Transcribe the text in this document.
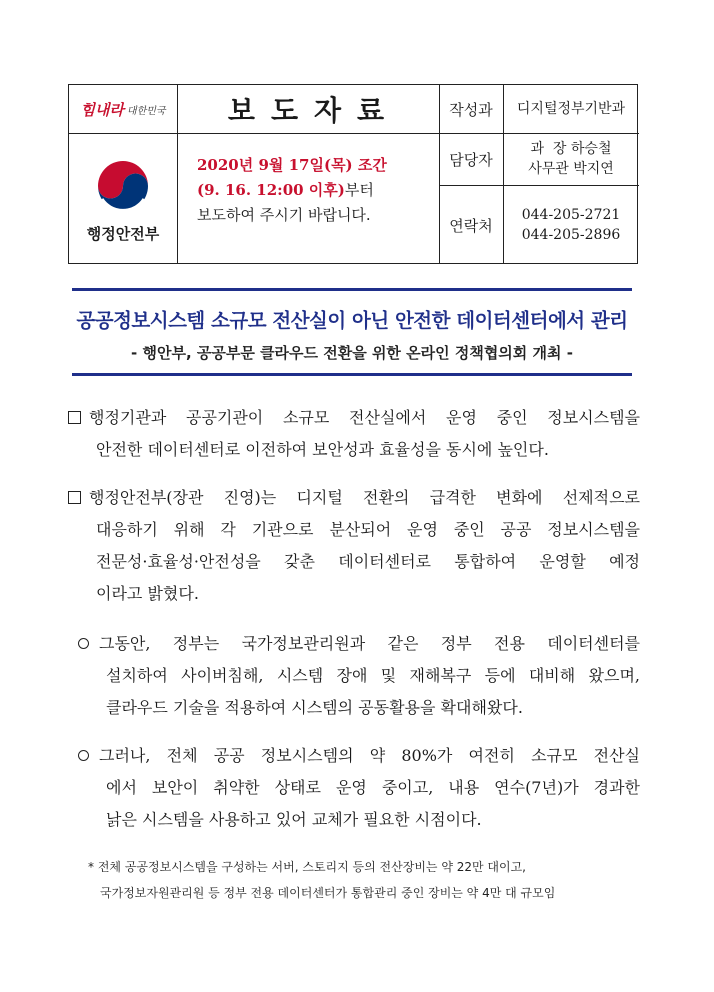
힘내라 대한민국	보도자료
행정안전부
2020년 9월 17일(목) 조간
(9. 16. 12:00 이후)부터
보도하여 주시기 바랍니다.
작성과	디지털정부기반과
담당자
과  장 하승철
사무관 박지연
연락처
044-205-2721
044-205-2896
공공정보시스템 소규모 전산실이 아닌 안전한 데이터센터에서 관리
- 행안부, 공공부문 클라우드 전환을 위한 온라인 정책협의회 개최 -
행정기관과 공공기관이 소규모 전산실에서 운영 중인 정보시스템을
안전한 데이터센터로 이전하여 보안성과 효율성을 동시에 높인다.
행정안전부(장관 진영)는 디지털 전환의 급격한 변화에 선제적으로
대응하기 위해 각 기관으로 분산되어 운영 중인 공공 정보시스템을
전문성·효율성·안전성을 갖춘 데이터센터로 통합하여 운영할 예정
이라고 밝혔다.
그동안, 정부는 국가정보관리원과 같은 정부 전용 데이터센터를
설치하여 사이버침해, 시스템 장애 및 재해복구 등에 대비해 왔으며,
클라우드 기술을 적용하여 시스템의 공동활용을 확대해왔다.
그러나, 전체 공공 정보시스템의 약 80%가 여전히 소규모 전산실
에서 보안이 취약한 상태로 운영 중이고, 내용 연수(7년)가 경과한
낡은 시스템을 사용하고 있어 교체가 필요한 시점이다.
* 전체 공공정보시스템을 구성하는 서버, 스토리지 등의 전산장비는 약 22만 대이고,
국가정보자원관리원 등 정부 전용 데이터센터가 통합관리 중인 장비는 약 4만 대 규모임
